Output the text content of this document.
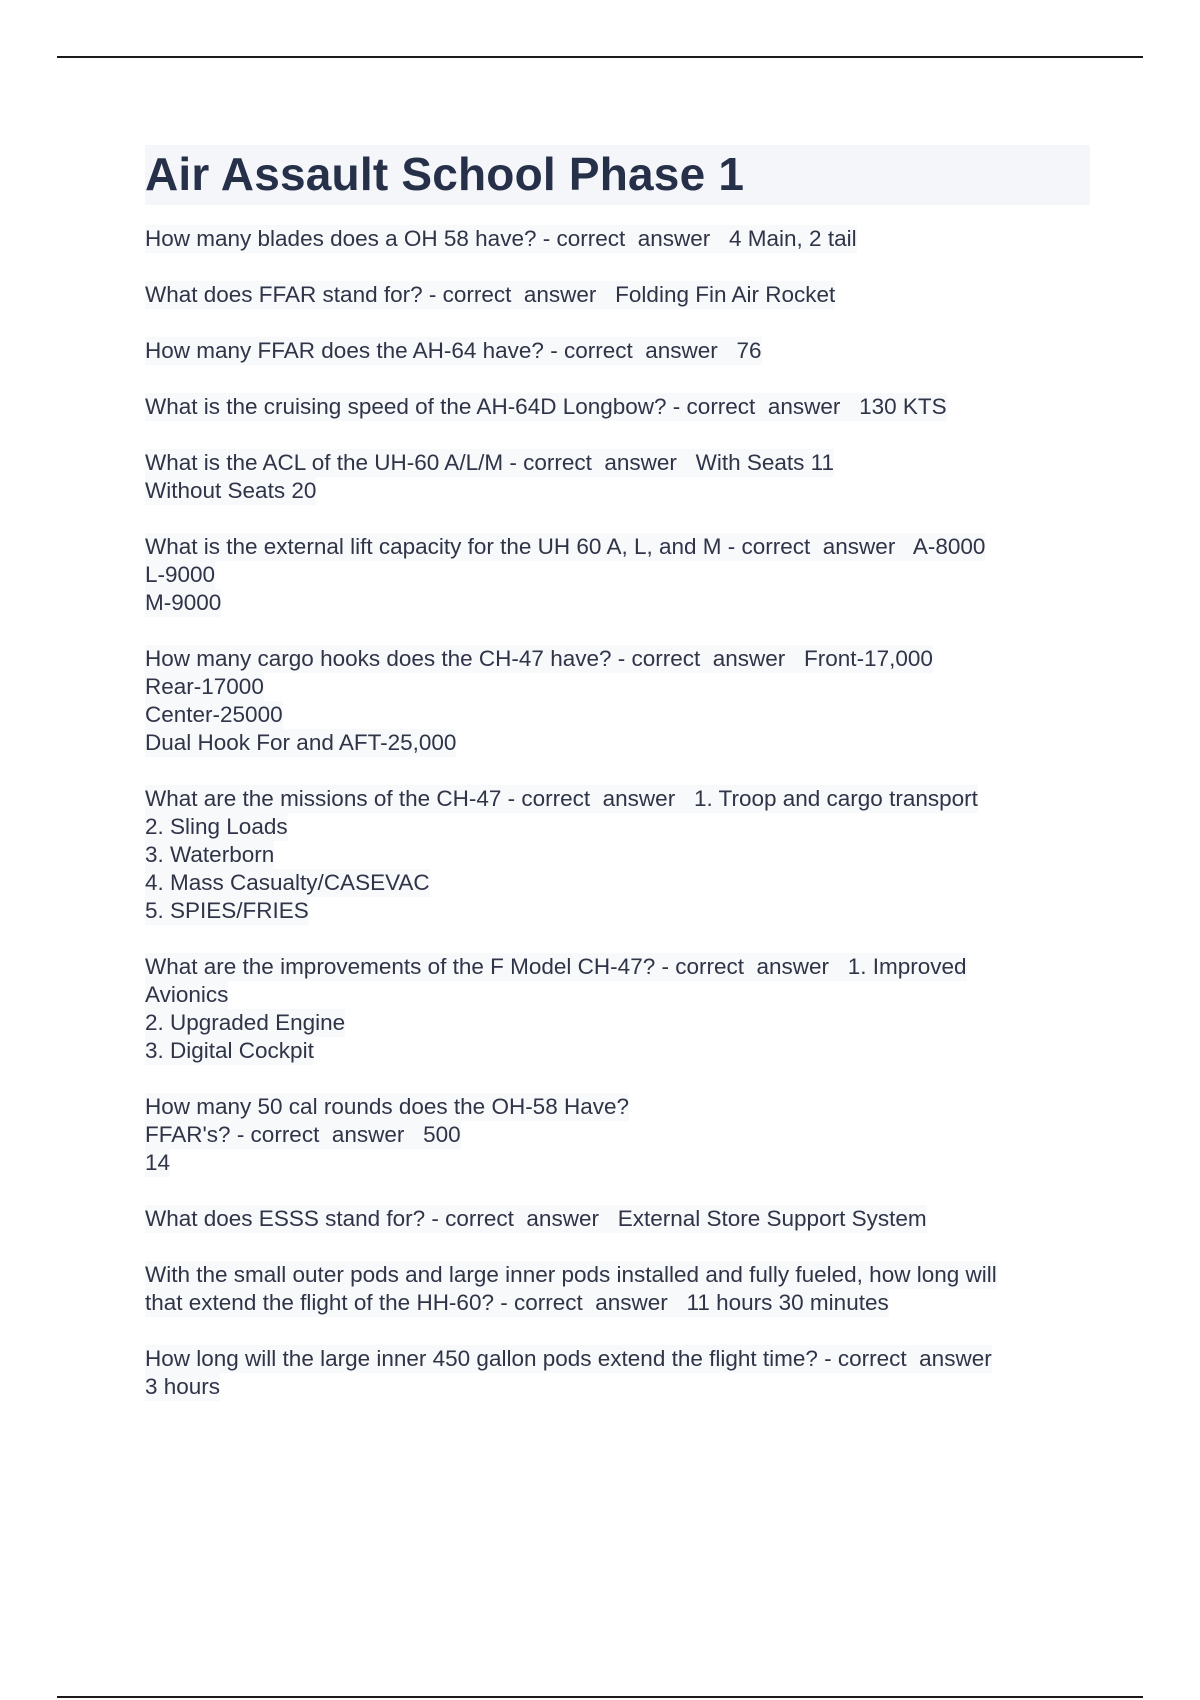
Air Assault School Phase 1
How many blades does a OH 58 have? - correct  answer   4 Main, 2 tail
What does FFAR stand for? - correct  answer   Folding Fin Air Rocket
How many FFAR does the AH-64 have? - correct  answer   76
What is the cruising speed of the AH-64D Longbow? - correct  answer   130 KTS
What is the ACL of the UH-60 A/L/M - correct  answer   With Seats 11
Without Seats 20
What is the external lift capacity for the UH 60 A, L, and M - correct  answer   A-8000
L-9000
M-9000
How many cargo hooks does the CH-47 have? - correct  answer   Front-17,000
Rear-17000
Center-25000
Dual Hook For and AFT-25,000
What are the missions of the CH-47 - correct  answer   1. Troop and cargo transport
2. Sling Loads
3. Waterborn
4. Mass Casualty/CASEVAC
5. SPIES/FRIES
What are the improvements of the F Model CH-47? - correct  answer   1. Improved
Avionics
2. Upgraded Engine
3. Digital Cockpit
How many 50 cal rounds does the OH-58 Have?
FFAR's? - correct  answer   500
14
What does ESSS stand for? - correct  answer   External Store Support System
With the small outer pods and large inner pods installed and fully fueled, how long will
that extend the flight of the HH-60? - correct  answer   11 hours 30 minutes
How long will the large inner 450 gallon pods extend the flight time? - correct  answer
3 hours
